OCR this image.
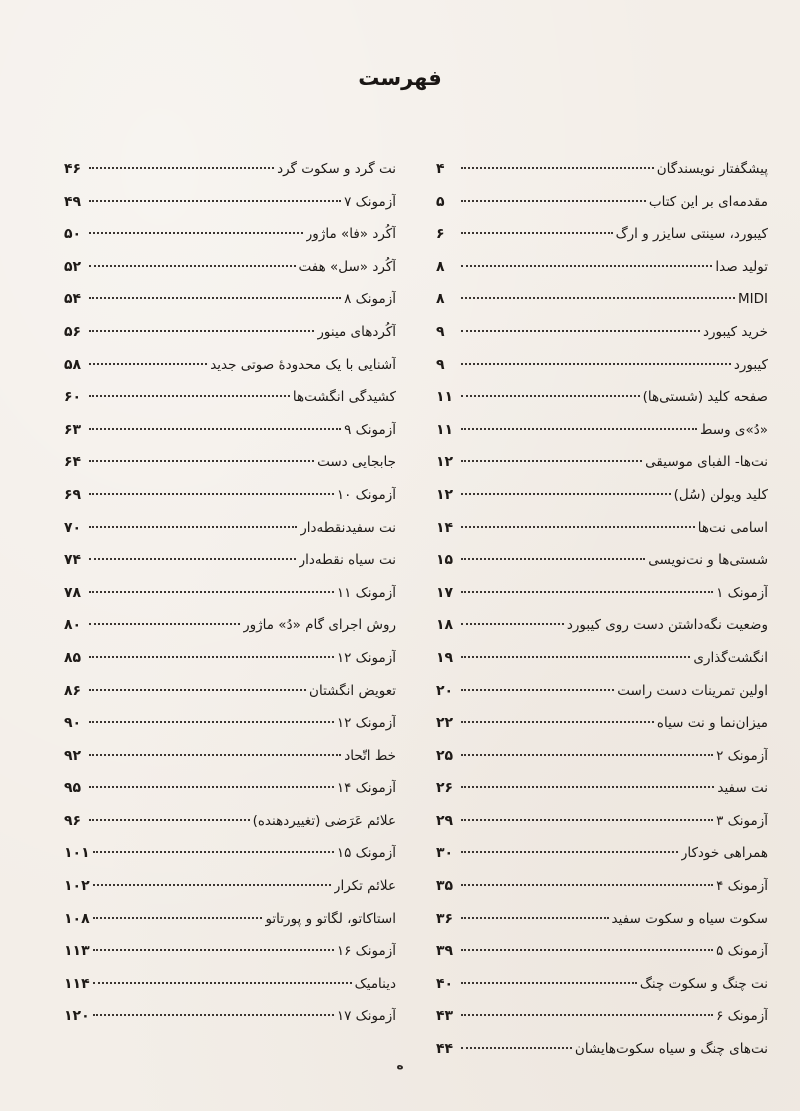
فهرست
پیشگفتار نویسندگان
۴
مقدمه‌ای بر این کتاب
۵
کیبورد، سینتی سایزر و ارگ
۶
تولید صدا
۸
MIDI
۸
خرید کیبورد
۹
کیبورد
۹
صفحه کلید (شستی‌ها)
۱۱
«دُ»ی وسط
۱۱
نت‌ها- الفبای موسیقی
۱۲
کلید ویولن (سُل)
۱۲
اسامی نت‌ها
۱۴
شستی‌ها و نت‌نویسی
۱۵
آزمونک ۱
۱۷
وضعیت نگه‌داشتن دست روی کیبورد
۱۸
انگشت‌گذاری
۱۹
اولین تمرینات دست راست
۲۰
میزان‌نما و نت سیاه
۲۲
آزمونک ۲
۲۵
نت سفید
۲۶
آزمونک ۳
۲۹
همراهی خودکار
۳۰
آزمونک ۴
۳۵
سکوت سیاه و سکوت سفید
۳۶
آزمونک ۵
۳۹
نت چنگ و سکوت چنگ
۴۰
آزمونک ۶
۴۳
نت‌های چنگ و سیاه سکوت‌هایشان
۴۴
نت گرد و سکوت گرد
۴۶
آزمونک ۷
۴۹
آکُرد «فا» ماژور
۵۰
آکُرد «سل» هفت
۵۲
آزمونک ۸
۵۴
آکُردهای مینور
۵۶
آشنایی با یک محدودهٔ صوتی جدید
۵۸
کشیدگی انگشت‌ها
۶۰
آزمونک ۹
۶۳
جابجایی دست
۶۴
آزمونک ۱۰
۶۹
نت سفیدنقطه‌دار
۷۰
نت سیاه نقطه‌دار
۷۴
آزمونک ۱۱
۷۸
روش اجرای گام «دُ» ماژور
۸۰
آزمونک ۱۲
۸۵
تعویض انگشتان
۸۶
آزمونک ۱۲
۹۰
خط اتّحاد
۹۲
آزمونک ۱۴
۹۵
علائم عَرَضی (تغییردهنده)
۹۶
آزمونک ۱۵
۱۰۱
علائم تکرار
۱۰۲
استاکاتو، لگاتو و پورتاتو
۱۰۸
آزمونک ۱۶
۱۱۳
دینامیک
۱۱۴
آزمونک ۱۷
۱۲۰
ه
